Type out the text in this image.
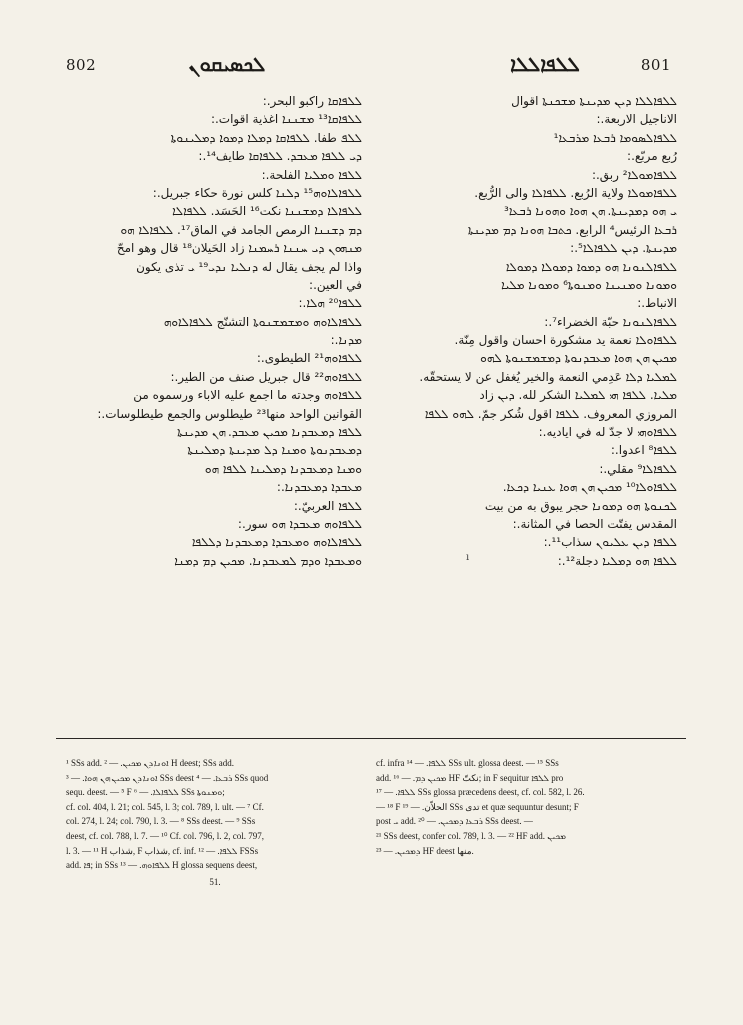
802	ܠܟܣܝܩܘܢ	ܠܠܦܐܠܠܐ	801

ܠܠܦܐܠܠܐ ܕܝܢ ܡܕܝܢܬܐ ܡܫܟܢܬܐ اقوال

الاناجيل الاربعة.:

ܠܠܦܐܠܣܘܡܐ ܪܒܥܐ ܡܪܒܥܐ¹

رُبع مربّع.:

ܠܠܦܐܡܘܠܐ² ربق.:

ܠܠܦܐܡܘܠܐ ولاية الرُبع. ܠܠܦܐܠܐ والى الرُّبع.

ܝ ܗܘ ܕܡܕܝܢܬܐ. ܗܢ ܗܘܐ ܘܗܘܢܐ ܪܒܥܐ³

ܪܒܥܐ الرئيس⁴ الرابع. ܟܬܒܐ ܗܘܢܐ ܕܡ ܡܕܝܢܬܐ

ܡܕܝܢܬܐ. ܕܝܢ ܠܠܦܐܠܐ⁵.:

ܠܠܦܐܠܢܘܢܐ ܗܘ ܕܡܘܐ ܕܡܘܠܐ ܕܡܘܠܐ

ܘܡܘܢܐ ܘܡܢܝܢܐ ܘܡܢܘܬܐ⁶ ܘܡܘܢܐ ܡܠܝܐ

الانباط.:

ܠܠܦܐܠܢܘܢܐ حبّة الخضراء⁷.:

ܠܠܦܐܘܠܐ نعمة يد مشكورة احسان واقول مِنّة.

ܡܟܝܢ ܗܢ ܗܘܐ ܡܥܒܕܢܘܬܐ ܕܡܫܡܫܢܘܬܐ ܠܗܘ

ܠܡܠܝܐ ܕܠܐ عَدِمي النعمة والخير يُغفل عن لا يستحقّه.

ܡܠܝܐ. ܠܠܦܐ ܗܝ ܠܡܠܝܐ الشكر لله. ܕܝܢ زاد

المروزي المعروف. ܠܠܦܐ اقول شُكر جمّ. ܠܗܘ ܠܠܦܐ

ܠܠܦܐܘܗܝ لا جدّ له في اياديه.:

ܠܠܦܐ⁸ اعدوا.:

ܠܠܦܐܠܐ⁹ مقلي.:

ܠܠܦܐܘܠܐ¹⁰ ܡܟܝܢ ܗܢ ܗܘܐ ܥܢܝܐ ܕܟܥܐ.

ܠܟܢܘܬܐ ܗܘ ܕܡܘܢܐ حجر يبوق به من بيت

المقدس يفتّت الحصا في المثانة.:

ܠܠܦܐ ܕܝܢ ܥܠܝܘܢ سذاب¹¹.:

ܠܠܦܐ ܗܘ ܕܡܠܝܐ دجلة¹².:

ܠܠܦܐܩܐ راكبو البحر.:

ܠܠܦܐܩܐ¹³ ܡܫܢܢܐ اغذية اقوات.:

ܠܠܦ طفا. ܠܠܦܐܩܐ ܕܡܠܐ ܕܡܘܐ ܕܡܠܝܢܘܬܐ

ܕܝ ܠܠܦܐ ܡܥܒܕ. ܠܠܦܐܩܐ طايف¹⁴.:

ܠܠܦܐ ܘܡܠܝܐ الفلحة.:

ܠܠܦܐܠܐܘܗ¹⁵ ܕܠܢܐ كلس نورة حكاء جبريل.:

ܠܠܦܐܠܐ ܕܡܫܢܢܐ نكت¹⁶ الحَسَد. ܠܠܦܐܠܐ

ܕܡ ܕܫܢܢܐ الرمص الجامد في الماق¹⁷. ܠܠܦܐܠܐ ܗܘ

ܡܢܗܘܢ ܕܝ ܚܢܢܐ ܪܚܡܢܐ زاد الحَيلان¹⁸ قال وهو امحّ

واذا لم يجف يقال له ܕܢܠܝܐ ܢܕܝ¹⁹ ܝ تذى يكون

في العين.:

ܠܠܦܐ²⁰ ܗܠܐ.:

ܠܠܦܐܠܐܘܗ ܘܡܫܡܫܢܘܬܐ التشنّج ܠܠܦܐܠܐܘܗ

ܡܕܢܐ.:

ܠܠܦܐܘܗ²¹ الطيطوى.:

ܠܠܦܐܘܗ²² قال جبريل صنف من الطير.:

ܠܠܦܐܘܗ وجدته ما اجمع عليه الاباء ورسموه من

القوانين الواحد منها²³ طيطلوس والجمع طيطلوسات.:

ܠܠܦܐ ܕܡܥܒܕܢܐ ܡܟܝܢ ܡܥܒܕ. ܗܢ ܡܕܝܢܬܐ

ܕܡܥܒܕܢܘܬܐ ܘܡܢܐ ܕܠ ܡܕܝܢܬܐ ܕܡܠܝܢܬܐ

ܘܡܢܐ ܕܡܥܒܕܢܐ ܕܡܠܝܢܐ ܠܠܦܐ ܗܘ

ܡܥܒܕܐ ܕܡܥܒܕܢܐ.:

ܠܠܦܐ العربيّ.:

ܠܠܦܐܘܗ ܡܥܒܕܐ ܗܘ سور.:

ܠܠܦܐܠܐܘܗ ܘܡܥܒܕܐ ܕܡܥܒܕܢܐ ܕܠܠܦܐ

ܘܡܥܒܕܐ ܘܕܡ ܠܡܥܒܕܢܐ. ܡܟܝܢ ܕܡ ܕܡܢܐ	ı

¹ SSs add. ܐܘܢܐ ܕܢ ܡܟܝܢ. — ² H deest; SSs add.

ܐܘܢܐ ܕܢ ܡܟܝܢ ܗܢ ܗܘܐ. — ³ SSs deest ܪܒܥܐ. — ⁴ SSs quod

sequ. deest. — ⁵ F ܠܠܦܐܠܐ. — ⁶ SSs ܘܡܢܘܬܐ;

cf. col. 404, l. 21; col. 545, l. 3; col. 789, l. ult. — ⁷ Cf.

col. 274, l. 24; col. 790, l. 3. — ⁸ SSs deest. — ⁹ SSs

deest, cf. col. 788, l. 7. — ¹⁰ Cf. col. 796, l. 2, col. 797,

l. 3. — ¹¹ H شذاب, F شذاب, cf. inf. ܠܠܦܐ. — ¹² FSSs

add. ܦܐ; in SSs ܠܠܦܐܘܗ. — ¹³ H glossa sequens deest,

51.

cf. infra ܠܠܦܐ. — ¹⁴ SSs ult. glossa deest. — ¹⁵ SSs

add. ܡܟܝܢ ܕܡ. — ¹⁶ HF نكتّ; in F sequitur ܠܠܦܐ pro

ܠܠܦܐ. — ¹⁷ SSs glossa præcedens deest, cf. col. 582, l. 26.

— ¹⁸ F الحلاّن. — ¹⁹ SSs تدى et quæ sequuntur desunt; F

post ܝ add. ܪܒܥܐ ܕܡܟܝܢ. — ²⁰ SSs deest. —

²¹ SSs deest, confer col. 789, l. 3. — ²² HF add. ܡܟܝܢ

ܕܡܟܝܢ. — ²³ HF deest منها.
